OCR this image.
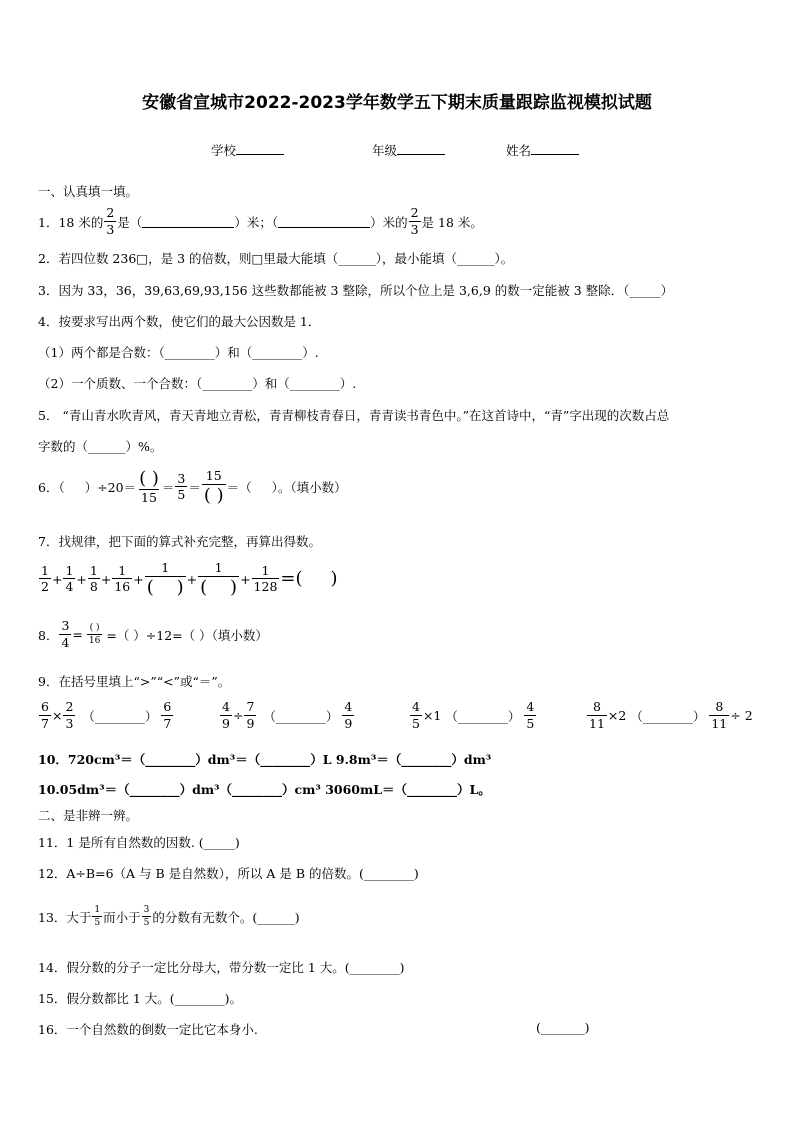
安徽省宣城市2022-2023学年数学五下期末质量跟踪监视模拟试题
学校	年级	姓名
一、认真填一填。
1． 18 米的 $\frac{2}{3}$ 是（	）米；（	）米的 $\frac{2}{3}$ 是 18 米。
2．若四位数 236□，是 3 的倍数，则□里最大能填（______），最小能填（______）。
3．因为 33，36，39,63,69,93,156 这些数都能被 3 整除，所以个位上是 3,6,9 的数一定能被 3 整除．（_____）
4．按要求写出两个数，使它们的最大公因数是 1．
（1）两个都是合数：（________）和（________）.
（2）一个质数、一个合数：（________）和（________）.
5． “青山青水吹青风，青天青地立青松，青青柳枝青春日，青青读书青色中。”在这首诗中，“青”字出现的次数占总
字数的（______）%。
6．（ ）$\div 20= \frac{( )}{15} = \frac{3}{5} = \frac{15}{( )}$ ＝（ ）。（填小数）
7．找规律，把下面的算式补充完整，再算出得数。
$\frac{1}{2} + \frac{1}{4} + \frac{1}{8} + \frac{1}{16} + \frac{1}{( )} + \frac{1}{( )} + \frac{1}{128}$ =( )
8． $\frac{3}{4} = \frac{( )}{16}$ =（ ）÷12=（ ）（填小数）
9．在括号里填上“>”“<”或“＝”。
$\frac{6}{7} \times \frac{2}{3}$ （________） $\frac{6}{7}$	$\frac{4}{9} \div \frac{7}{9}$ （________） $\frac{4}{9}$	$\frac{4}{5} \times 1$ （________） $\frac{4}{5}$	$\frac{8}{11} \times 2$ （________） $\frac{8}{11} \div 2$
10．720cm³＝（________）dm³＝（________）L 9.8m³＝（________）dm³
10.05dm³＝（________）dm³（________）cm³ 3060mL＝（________）L。
二、是非辨一辨。
11．1 是所有自然数的因数. (_____)
12．A÷B=6（A 与 B 是自然数），所以 A 是 B 的倍数。(________)
13．大于 $\frac{1}{5}$ 而小于 $\frac{3}{5}$ 的分数有无数个。(______)
14．假分数的分子一定比分母大，带分数一定比 1 大。(________)
15．假分数都比 1 大。(________)。
16．一个自然数的倒数一定比它本身小.	(_______)
